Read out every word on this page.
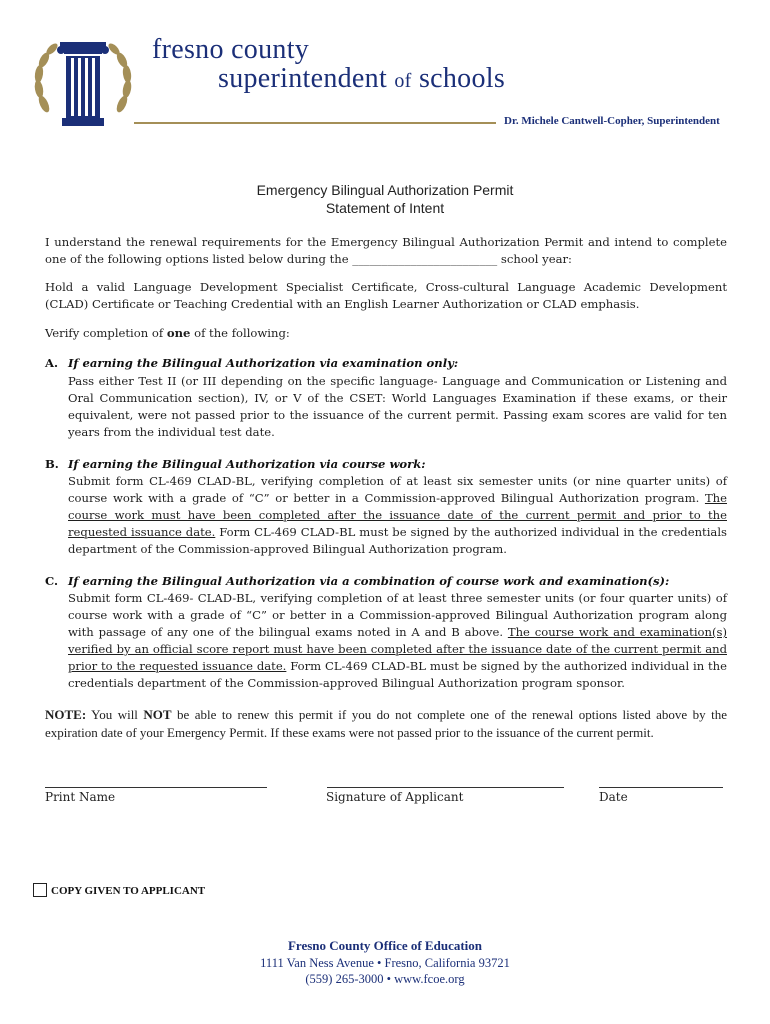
fresno county
superintendent of schools
Dr. Michele Cantwell-Copher, Superintendent
Emergency Bilingual Authorization Permit
Statement of Intent

I understand the renewal requirements for the Emergency Bilingual Authorization Permit and intend to complete one of the following options listed below during the _________________________ school year:

Hold a valid Language Development Specialist Certificate, Cross-cultural Language Academic Development (CLAD) Certificate or Teaching Credential with an English Learner Authorization or CLAD emphasis.

Verify completion of one of the following:

A. If earning the Bilingual Authorization via examination only:

Pass either Test II (or III depending on the specific language- Language and Communication or Listening and Oral Communication section), IV, or V of the CSET: World Languages Examination if these exams, or their equivalent, were not passed prior to the issuance of the current permit. Passing exam scores are valid for ten years from the individual test date.

B. If earning the Bilingual Authorization via course work:

Submit form CL-469 CLAD-BL, verifying completion of at least six semester units (or nine quarter units) of course work with a grade of “C” or better in a Commission-approved Bilingual Authorization program. The course work must have been completed after the issuance date of the current permit and prior to the requested issuance date. Form CL-469 CLAD-BL must be signed by the authorized individual in the credentials department of the Commission-approved Bilingual Authorization program.

C. If earning the Bilingual Authorization via a combination of course work and examination(s):

Submit form CL-469- CLAD-BL, verifying completion of at least three semester units (or four quarter units) of course work with a grade of “C” or better in a Commission-approved Bilingual Authorization program along with passage of any one of the bilingual exams noted in A and B above. The course work and examination(s) verified by an official score report must have been completed after the issuance date of the current permit and prior to the requested issuance date. Form CL-469 CLAD-BL must be signed by the authorized individual in the credentials department of the Commission-approved Bilingual Authorization program sponsor.

NOTE: You will NOT be able to renew this permit if you do not complete one of the renewal options listed above by the expiration date of your Emergency Permit. If these exams were not passed prior to the issuance of the current permit.

Print Name	Signature of Applicant	Date
COPY GIVEN TO APPLICANT
Fresno County Office of Education
1111 Van Ness Avenue • Fresno, California 93721
(559) 265-3000 • www.fcoe.org
